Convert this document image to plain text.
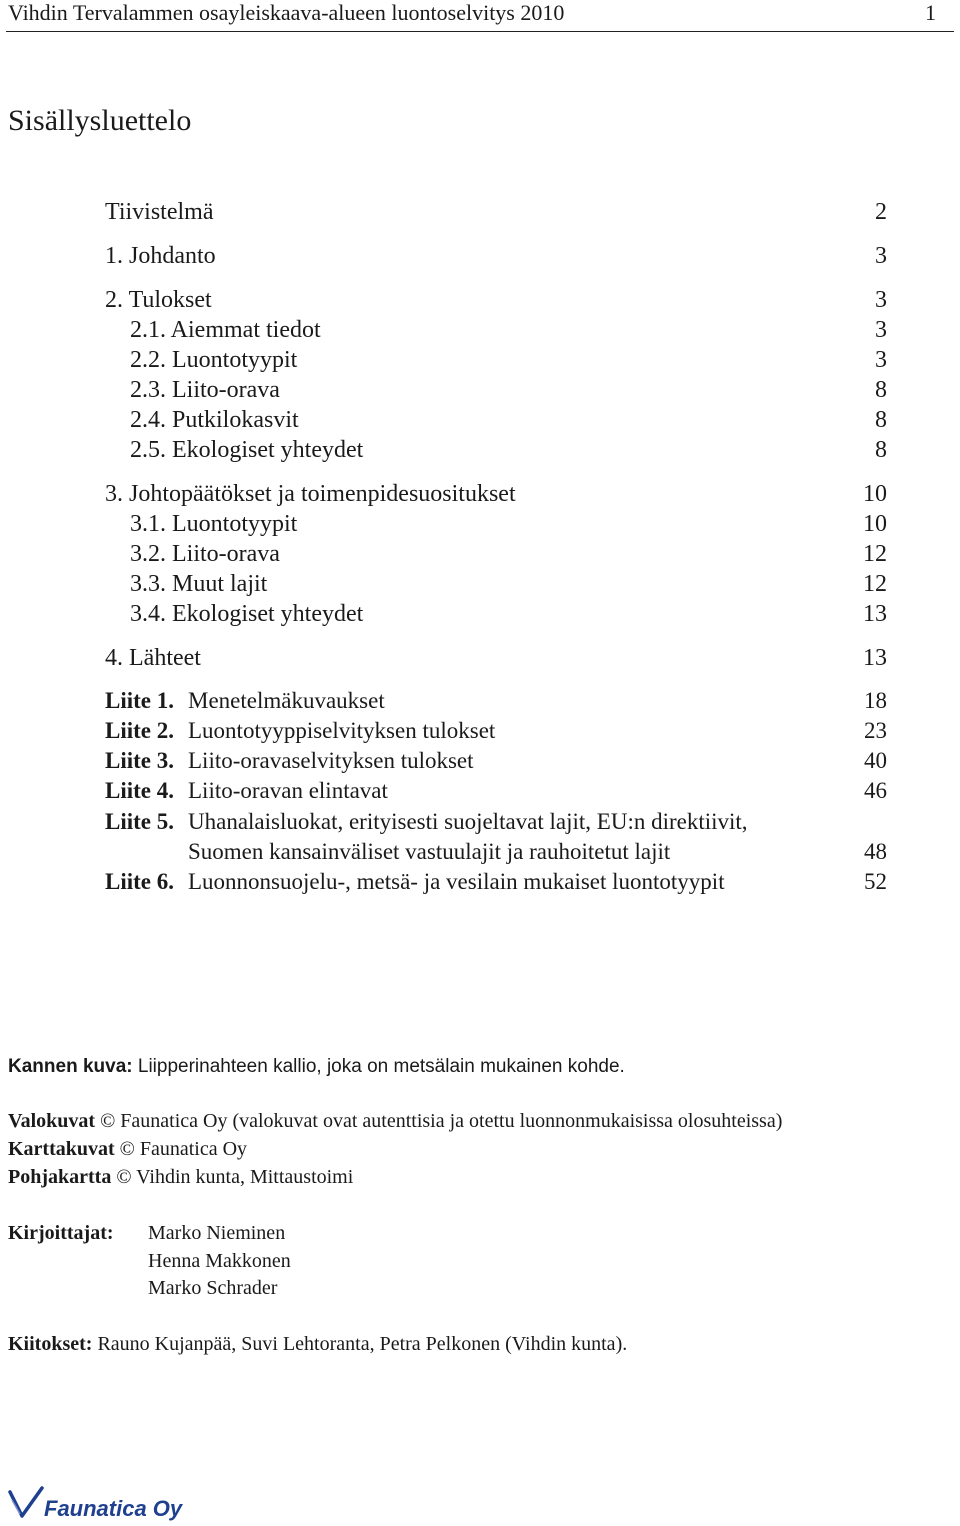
Vihdin Tervalammen osayleiskaava-alueen luontoselvitys 2010	1
Sisällysluettelo
Tiivistelmä	2
1. Johdanto	3
2. Tulokset	3
2.1. Aiemmat tiedot	3
2.2. Luontotyypit	3
2.3. Liito-orava	8
2.4. Putkilokasvit	8
2.5. Ekologiset yhteydet	8
3. Johtopäätökset ja toimenpidesuositukset	10
3.1. Luontotyypit	10
3.2. Liito-orava	12
3.3. Muut lajit	12
3.4. Ekologiset yhteydet	13
4. Lähteet	13
Liite 1. Menetelmäkuvaukset	18
Liite 2. Luontotyyppiselvityksen tulokset	23
Liite 3. Liito-oravaselvityksen tulokset	40
Liite 4. Liito-oravan elintavat	46
Liite 5. Uhanalaisluokat, erityisesti suojeltavat lajit, EU:n direktiivit,
Suomen kansainväliset vastuulajit ja rauhoitetut lajit	48
Liite 6. Luonnonsuojelu-, metsä- ja vesilain mukaiset luontotyypit	52
Kannen kuva: Liipperinahteen kallio, joka on metsälain mukainen kohde.
Valokuvat © Faunatica Oy (valokuvat ovat autenttisia ja otettu luonnonmukaisissa olosuhteissa)
Karttakuvat © Faunatica Oy
Pohjakartta © Vihdin kunta, Mittaustoimi
Kirjoittajat: Marko Nieminen
Henna Makkonen
Marko Schrader
Kiitokset: Rauno Kujanpää, Suvi Lehtoranta, Petra Pelkonen (Vihdin kunta).
Faunatica Oy
